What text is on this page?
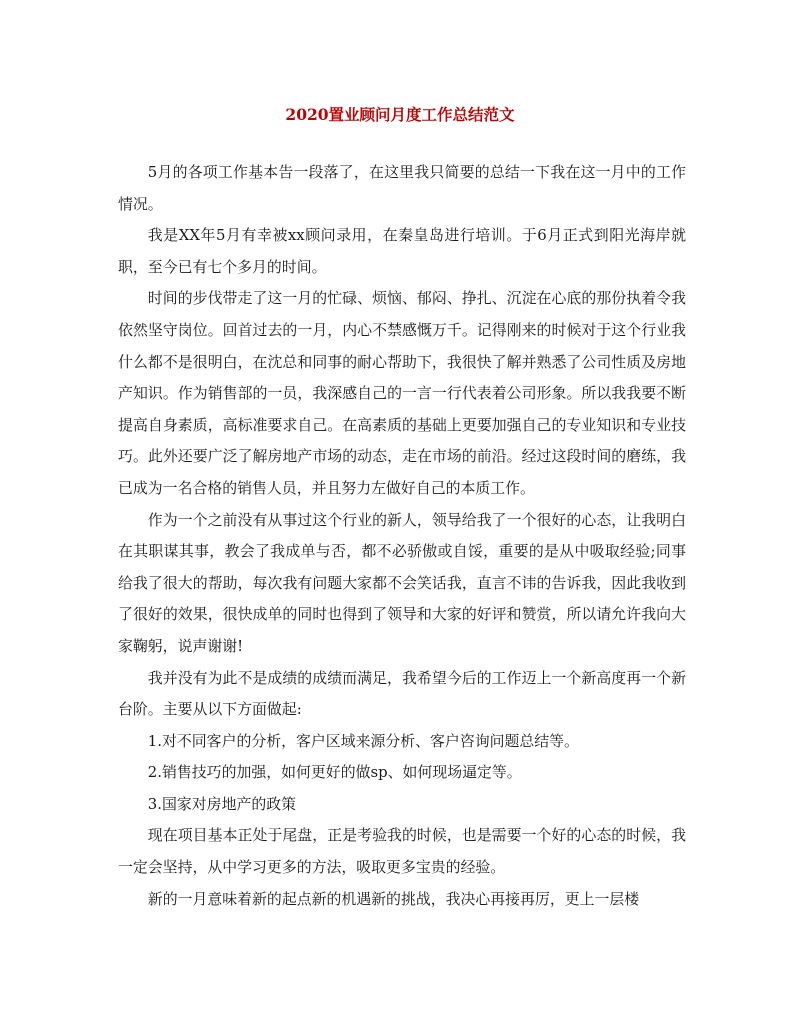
2020置业顾问月度工作总结范文

5月的各项工作基本告一段落了，在这里我只简要的总结一下我在这一月中的工作情况。

我是XX年5月有幸被xx顾问录用，在秦皇岛进行培训。于6月正式到阳光海岸就职，至今已有七个多月的时间。

时间的步伐带走了这一月的忙碌、烦恼、郁闷、挣扎、沉淀在心底的那份执着令我依然坚守岗位。回首过去的一月，内心不禁感慨万千。记得刚来的时候对于这个行业我什么都不是很明白，在沈总和同事的耐心帮助下，我很快了解并熟悉了公司性质及房地产知识。作为销售部的一员，我深感自己的一言一行代表着公司形象。所以我我要不断提高自身素质，高标准要求自己。在高素质的基础上更要加强自己的专业知识和专业技巧。此外还要广泛了解房地产市场的动态，走在市场的前沿。经过这段时间的磨练，我已成为一名合格的销售人员，并且努力左做好自己的本质工作。

作为一个之前没有从事过这个行业的新人，领导给我了一个很好的心态，让我明白在其职谋其事，教会了我成单与否，都不必骄傲或自馁，重要的是从中吸取经验;同事给我了很大的帮助，每次我有问题大家都不会笑话我，直言不讳的告诉我，因此我收到了很好的效果，很快成单的同时也得到了领导和大家的好评和赞赏，所以请允许我向大家鞠躬，说声谢谢!

我并没有为此不是成绩的成绩而满足，我希望今后的工作迈上一个新高度再一个新台阶。主要从以下方面做起:

1.对不同客户的分析，客户区域来源分析、客户咨询问题总结等。

2.销售技巧的加强，如何更好的做sp、如何现场逼定等。

3.国家对房地产的政策

现在项目基本正处于尾盘，正是考验我的时候，也是需要一个好的心态的时候，我一定会坚持，从中学习更多的方法，吸取更多宝贵的经验。

新的一月意味着新的起点新的机遇新的挑战，我决心再接再厉，更上一层楼
